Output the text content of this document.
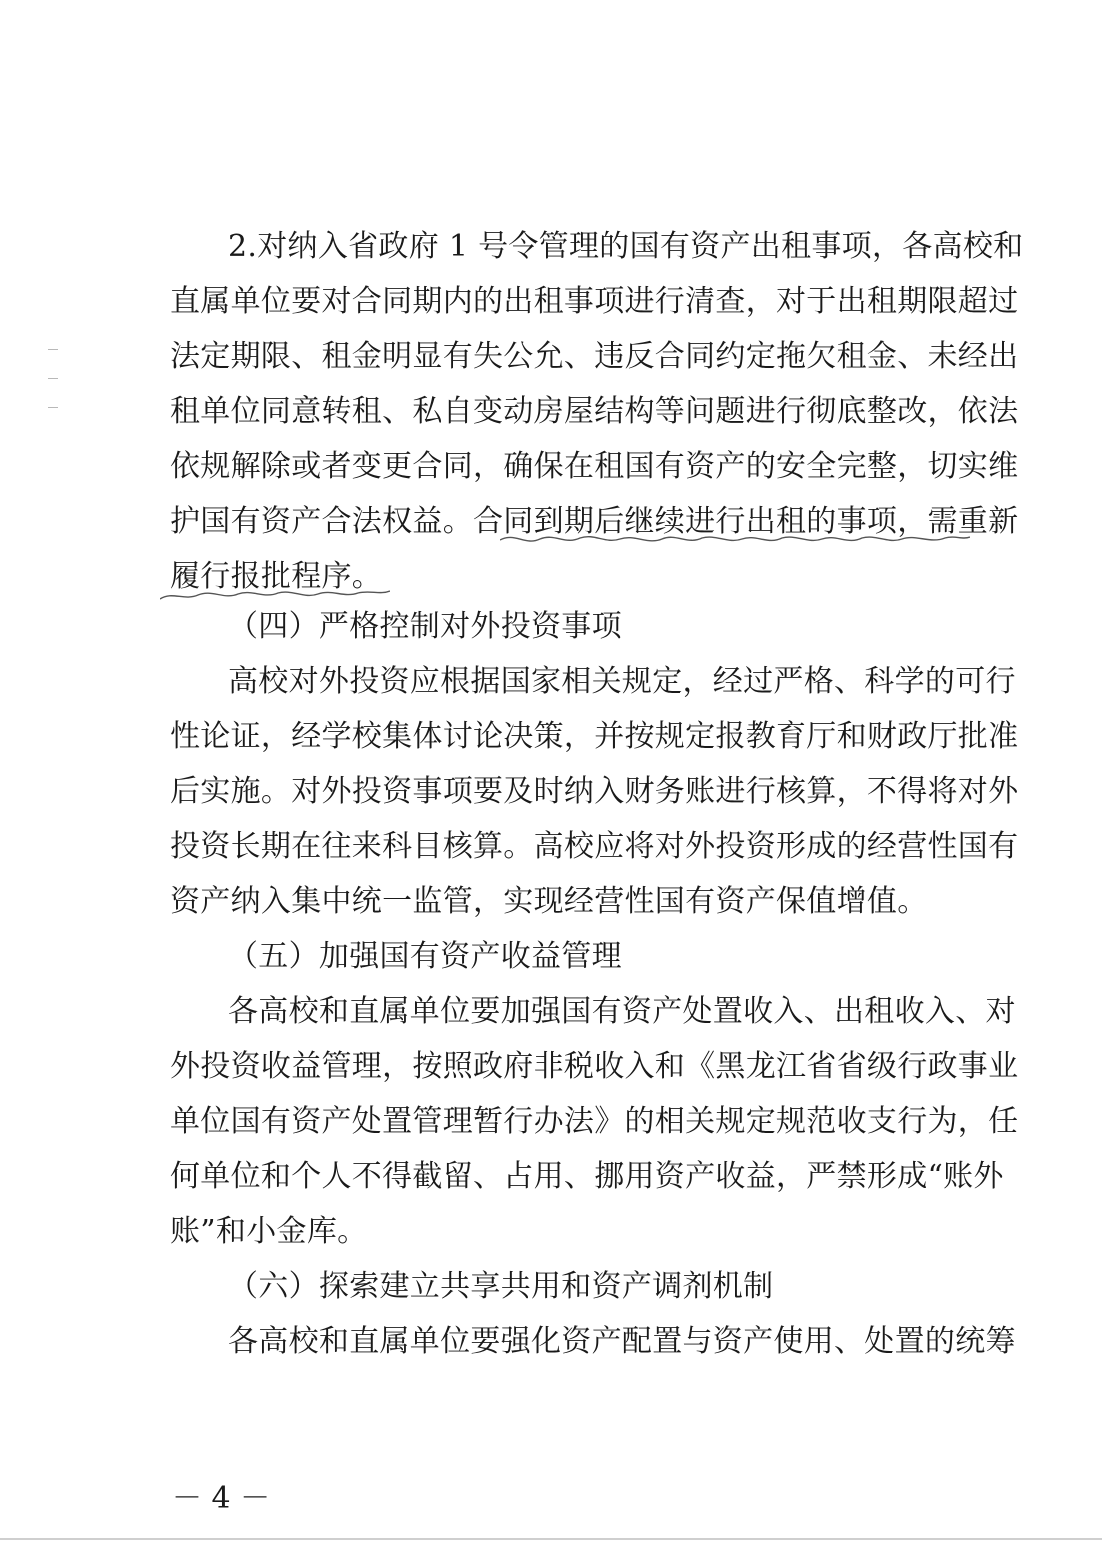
2.对纳入省政府 1 号令管理的国有资产出租事项，各高校和
直属单位要对合同期内的出租事项进行清查，对于出租期限超过
法定期限、租金明显有失公允、违反合同约定拖欠租金、未经出
租单位同意转租、私自变动房屋结构等问题进行彻底整改，依法
依规解除或者变更合同，确保在租国有资产的安全完整，切实维
护国有资产合法权益。合同到期后继续进行出租的事项，需重新
履行报批程序。
（四）严格控制对外投资事项
高校对外投资应根据国家相关规定，经过严格、科学的可行
性论证，经学校集体讨论决策，并按规定报教育厅和财政厅批准
后实施。对外投资事项要及时纳入财务账进行核算，不得将对外
投资长期在往来科目核算。高校应将对外投资形成的经营性国有
资产纳入集中统一监管，实现经营性国有资产保值增值。
（五）加强国有资产收益管理
各高校和直属单位要加强国有资产处置收入、出租收入、对
外投资收益管理，按照政府非税收入和《黑龙江省省级行政事业
单位国有资产处置管理暂行办法》的相关规定规范收支行为，任
何单位和个人不得截留、占用、挪用资产收益，严禁形成“账外
账”和小金库。
（六）探索建立共享共用和资产调剂机制
各高校和直属单位要强化资产配置与资产使用、处置的统筹
－ 4 －
